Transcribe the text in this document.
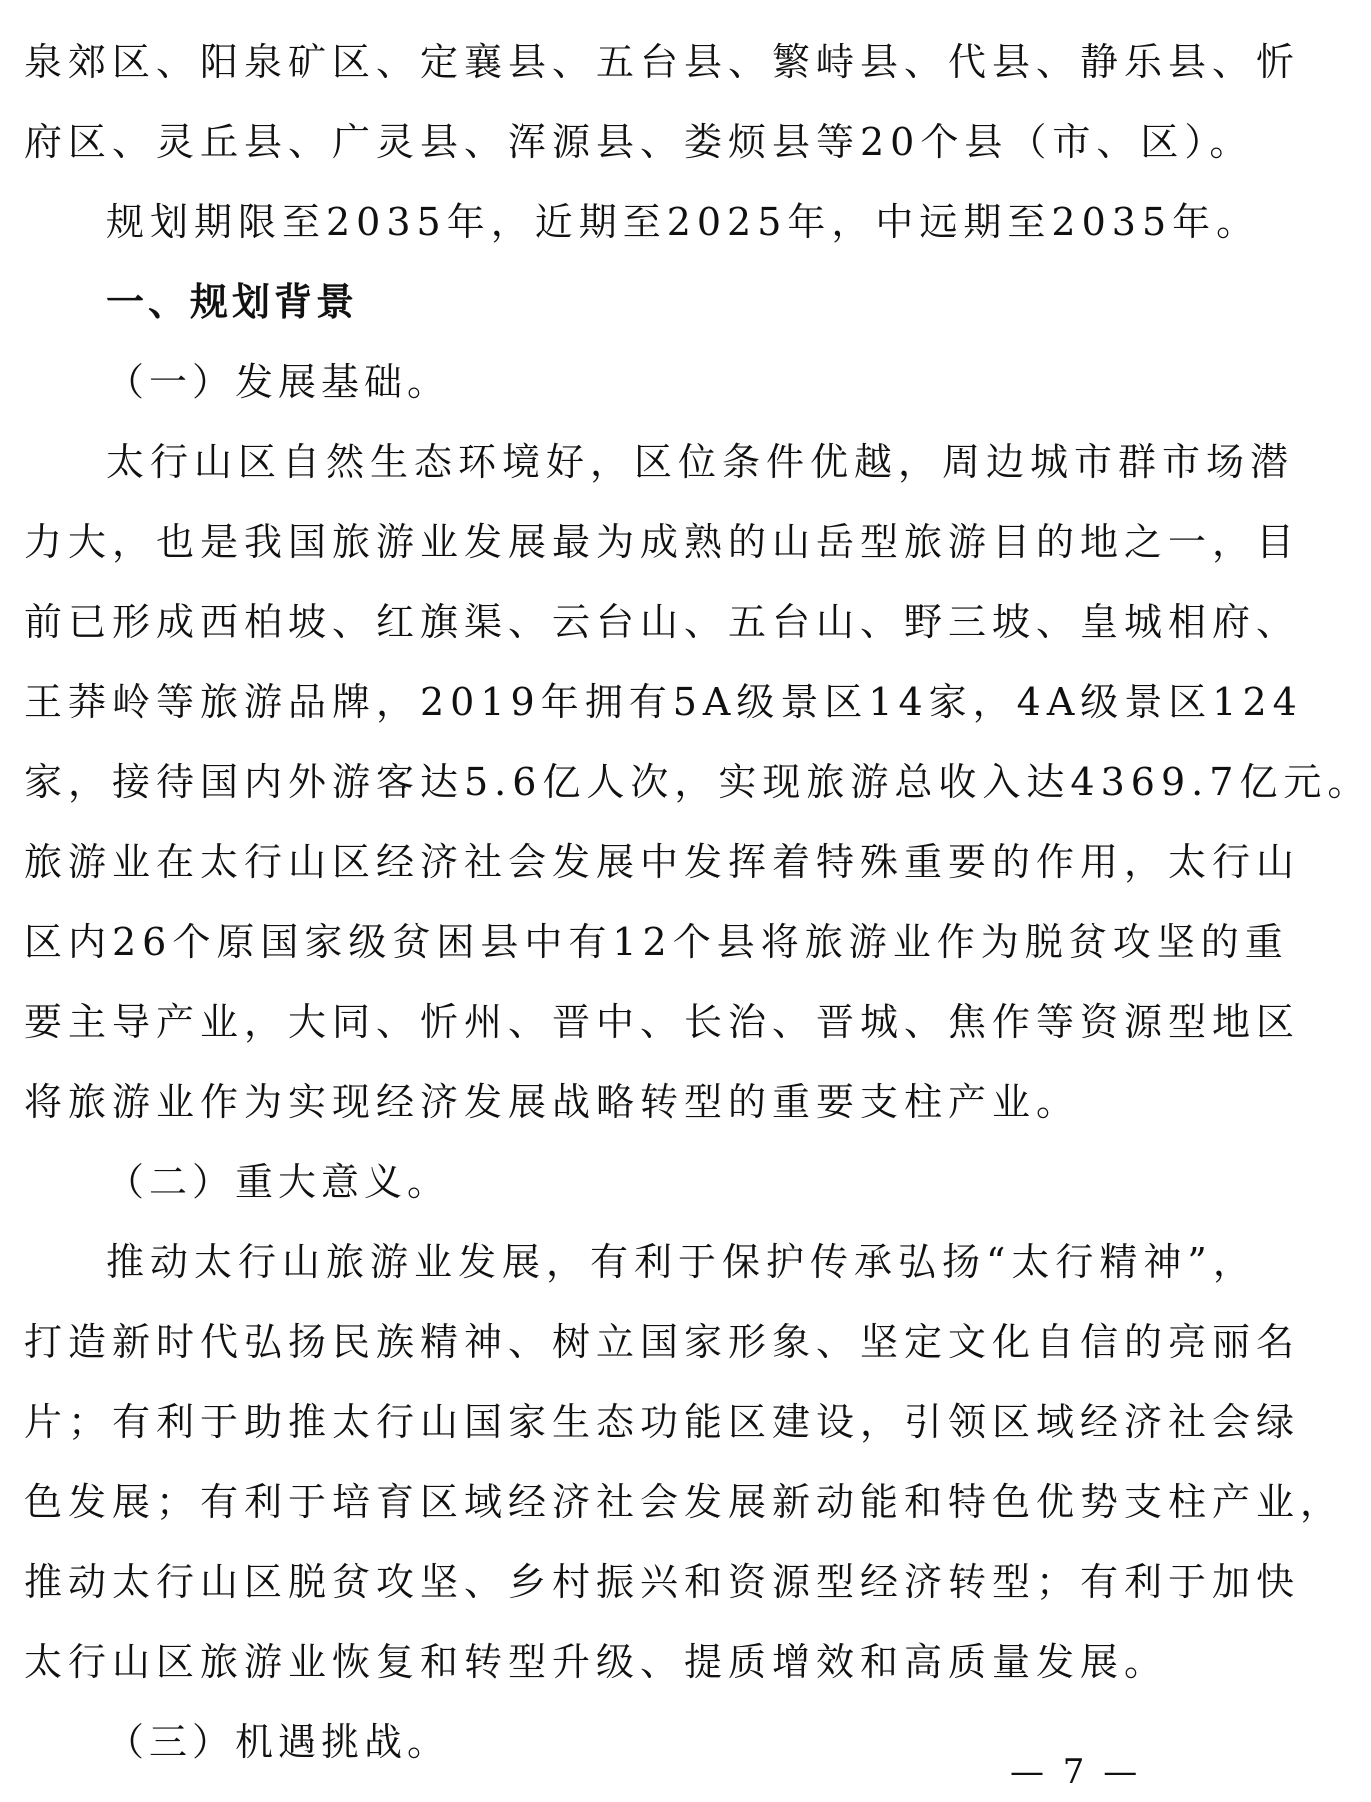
泉郊区、阳泉矿区、定襄县、五台县、繁峙县、代县、静乐县、忻
府区、灵丘县、广灵县、浑源县、娄烦县等20个县（市、区）。
规划期限至2035年，近期至2025年，中远期至2035年。
一、规划背景
（一）发展基础。
太行山区自然生态环境好，区位条件优越，周边城市群市场潜
力大，也是我国旅游业发展最为成熟的山岳型旅游目的地之一，目
前已形成西柏坡、红旗渠、云台山、五台山、野三坡、皇城相府、
王莽岭等旅游品牌，2019年拥有5A级景区14家，4A级景区124
家，接待国内外游客达5.6亿人次，实现旅游总收入达4369.7亿元。
旅游业在太行山区经济社会发展中发挥着特殊重要的作用，太行山
区内26个原国家级贫困县中有12个县将旅游业作为脱贫攻坚的重
要主导产业，大同、忻州、晋中、长治、晋城、焦作等资源型地区
将旅游业作为实现经济发展战略转型的重要支柱产业。
（二）重大意义。
推动太行山旅游业发展，有利于保护传承弘扬“太行精神”，
打造新时代弘扬民族精神、树立国家形象、坚定文化自信的亮丽名
片；有利于助推太行山国家生态功能区建设，引领区域经济社会绿
色发展；有利于培育区域经济社会发展新动能和特色优势支柱产业，
推动太行山区脱贫攻坚、乡村振兴和资源型经济转型；有利于加快
太行山区旅游业恢复和转型升级、提质增效和高质量发展。
（三）机遇挑战。
— 7 —
